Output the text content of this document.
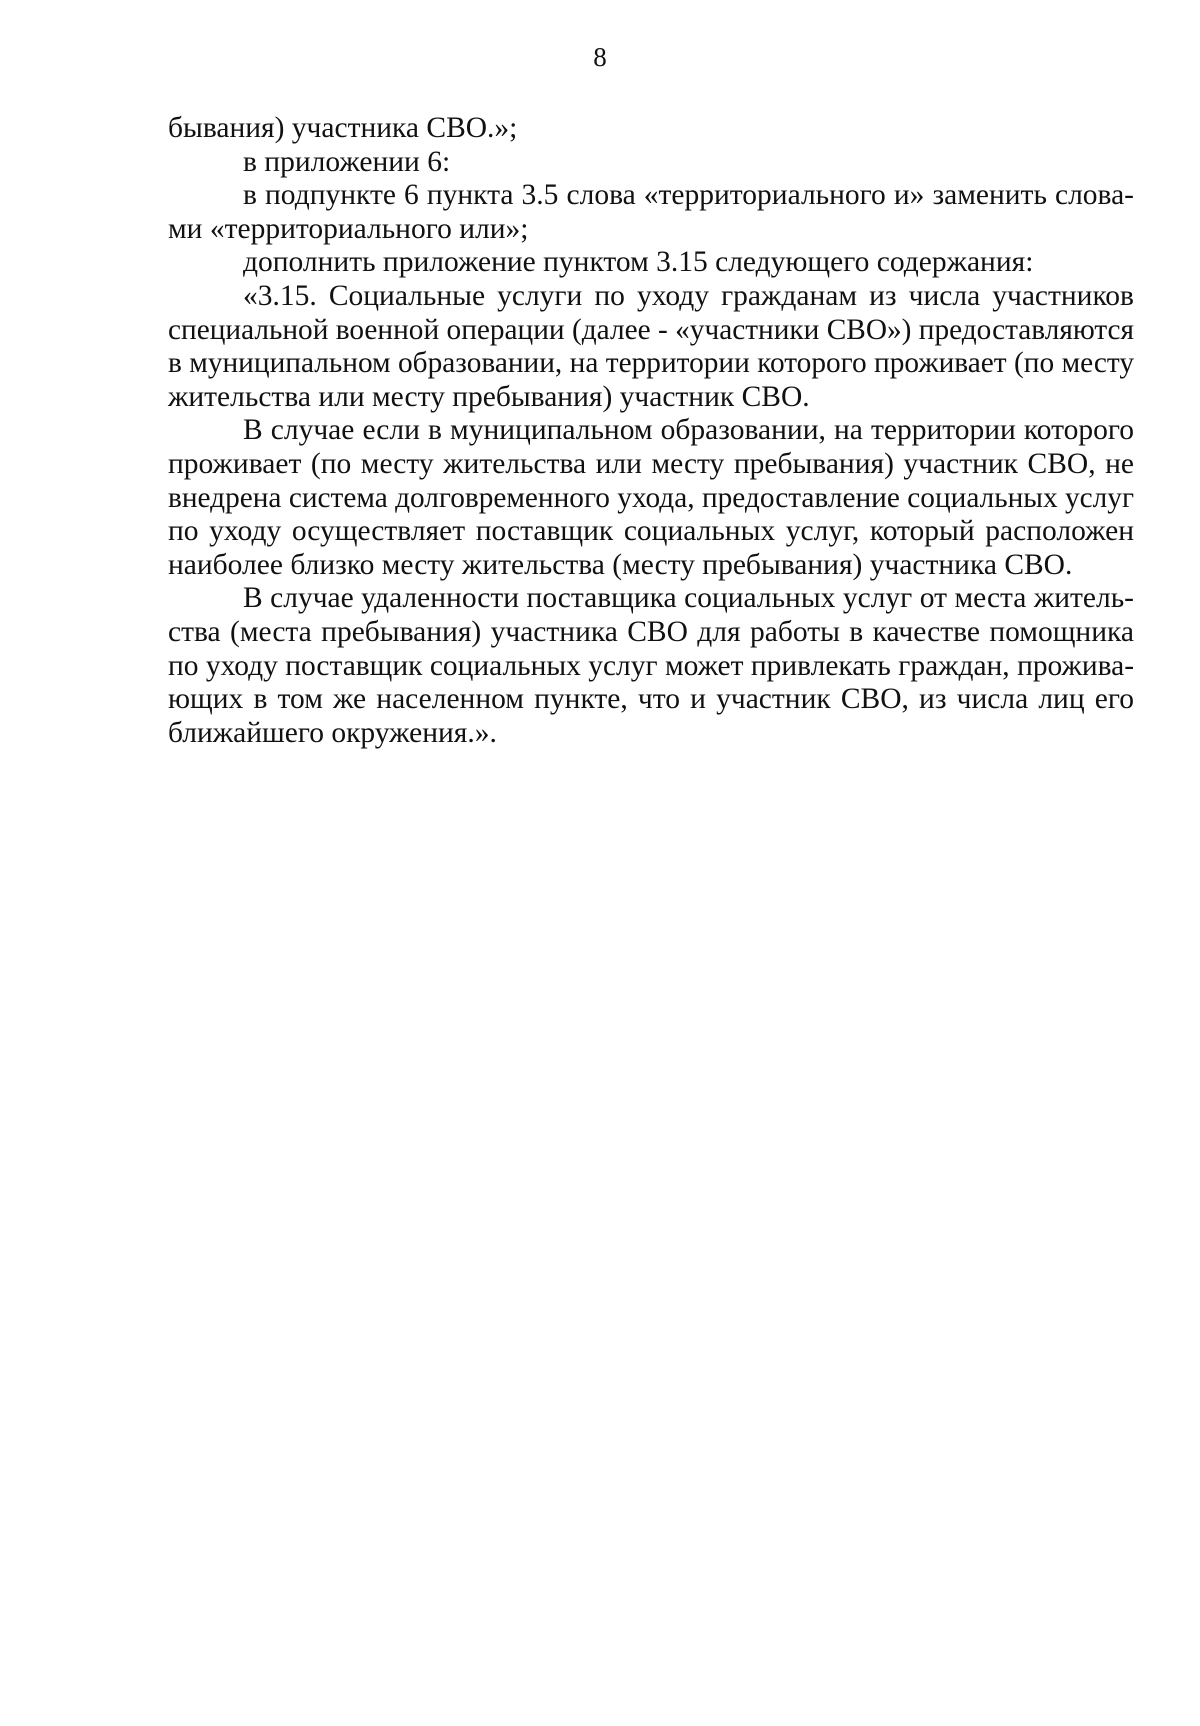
8
бывания) участника СВО.»;
в приложении 6:
в подпункте 6 пункта 3.5 слова «территориального и» заменить слова-
ми «территориального или»;
дополнить приложение пунктом 3.15 следующего содержания:
«3.15. Социальные услуги по уходу гражданам из числа участников
специальной военной операции (далее - «участники СВО») предоставляются
в муниципальном образовании, на территории которого проживает (по месту
жительства или месту пребывания) участник СВО.
В случае если в муниципальном образовании, на территории которого
проживает (по месту жительства или месту пребывания) участник СВО, не
внедрена система долговременного ухода, предоставление социальных услуг
по уходу осуществляет поставщик социальных услуг, который расположен
наиболее близко месту жительства (месту пребывания) участника СВО.
В случае удаленности поставщика социальных услуг от места житель-
ства (места пребывания) участника СВО для работы в качестве помощника
по уходу поставщик социальных услуг может привлекать граждан, прожива-
ющих в том же населенном пункте, что и участник СВО, из числа лиц его
ближайшего окружения.».
